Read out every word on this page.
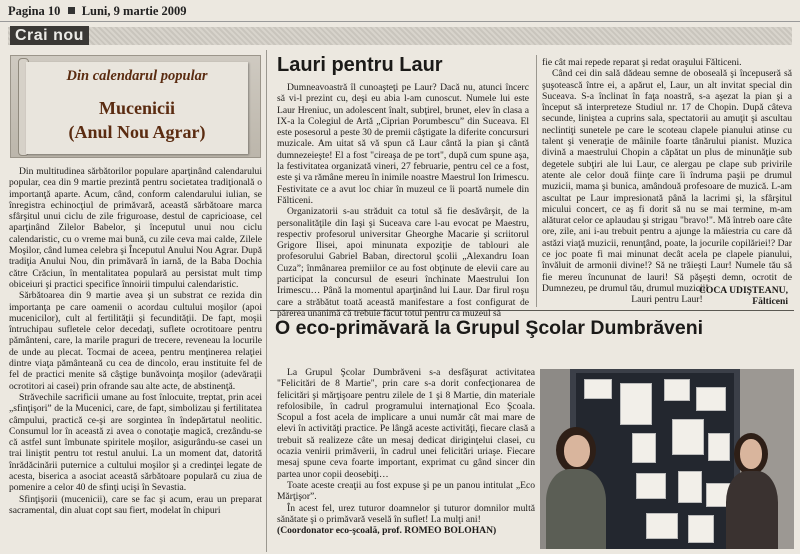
Pagina 10 Luni, 9 martie 2009
Crai nou
Din calendarul popular
Mucenicii
(Anul Nou Agrar)

Din multitudinea sărbătorilor populare aparţinând calendarului popular, cea din 9 martie prezintă pentru societatea tradiţională o importanţă aparte. Acum, când, conform calendarului iulian, se înregistra echinocţiul de primăvară, aceastǎ sărbătoare marca sfârşitul unui ciclu de zile friguroase, destul de capricioase, cel aparţinând Zilelor Babelor, şi începutul unui nou ciclu calendaristic, cu o vreme mai bună, cu zile ceva mai calde, Zilele Moşilor, când lumea celebra şi Începutul Anului Nou Agrar. După tradiţia Anului Nou, din primăvară în iarnă, de la Baba Dochia către Crăciun, în mentalitatea populară au persistat mult timp obiceiuri şi practici specifice înnoirii timpului calendaristic.

Sărbătoarea din 9 martie avea şi un substrat ce rezida din importanţa pe care oamenii o acordau cultului moşilor (apoi mucenicilor), cult al fertilităţii şi fecundităţii. De fapt, moşii întruchipau sufletele celor decedaţi, suflete ocrotitoare pentru pământeni, care, la marile praguri de trecere, reveneau la locurile de unde au plecat. Tocmai de aceea, pentru menţinerea relaţiei dintre viaţa pământeană cu cea de dincolo, erau instituite fel de fel de practici menite să câştige bunăvoinţa moşilor (adevăraţii ocrotitori ai casei) prin ofrande sau alte acte, de abstinenţă.

Străvechile sacrificii umane au fost înlocuite, treptat, prin acei „sfinţişori” de la Mucenici, care, de fapt, simbolizau şi fertilitatea câmpului, practică ce-şi are sorgintea în îndepărtatul neolitic. Consumul lor în această zi avea o conotaţie magică, crezându-se că astfel sunt îmbunate spiritele moşilor, asigurându-se casei un trai liniştit pentru tot restul anului. La un moment dat, datorită înrădăcinării puternice a cultului moşilor şi a credinţei legate de acesta, biserica a asociat această sărbătoare populară cu ziua de pomenire a celor 40 de sfinţi ucişi în Sevastia.

Sfinţişorii (mucenicii), care se fac şi acum, erau un preparat sacramental, din aluat copt sau fiert, modelat în chipuri

Lauri pentru Laur

Dumneavoastră îl cunoaşteţi pe Laur? Dacă nu, atunci încerc să vi-l prezint cu, deşi eu abia l-am cunoscut. Numele lui este Laur Hreniuc, un adolescent înalt, subţirel, brunet, elev în clasa a IX-a la Colegiul de Artă „Ciprian Porumbescu” din Suceava. El este posesorul a peste 30 de premii câştigate la diferite concursuri muzicale. Am uitat să vă spun că Laur cântă la pian şi cântă dumnezeieşte! El a fost "cireaşa de pe tort", după cum spune aşa, la festivitatea organizată vineri, 27 februarie, pentru cel ce a fost, este şi va rămâne mereu în inimile noastre Maestrul Ion Irimescu. Festivitate ce a avut loc chiar în muzeul ce îi poartă numele din Fălticeni.

Organizatorii s-au străduit ca totul să fie desăvârşit, de la personalităţile din Iaşi şi Suceava care l-au evocat pe Maestru, respectiv profesorul universitar Gheorghe Macarie şi scriitorul Grigore Ilisei, apoi minunata expoziţie de tablouri ale profesorului Gabriel Baban, directorul şcolii „Alexandru Ioan Cuza”; înmânarea premiilor ce au fost obţinute de elevii care au participat la concursul de eseuri închinate Maestrului Ion Irimescu… Până la momentul aparţinând lui Laur. Dar firul roşu care a străbătut toată această manifestare a fost configurat de părerea unanimă că trebuie făcut totul pentru ca muzeul să

fie cât mai repede reparat şi redat oraşului Fălticeni.

Când cei din sală dădeau semne de oboseală şi începuseră să şuşotească între ei, a apărut el, Laur, un alt invitat special din Suceava. S-a înclinat în faţa noastră, s-a aşezat la pian şi a început să interpreteze Studiul nr. 17 de Chopin. După câteva secunde, liniştea a cuprins sala, spectatorii au amuţit şi ascultau neclintiţi sunetele pe care le scoteau clapele pianului atinse cu talent şi veneraţie de mâinile foarte tânărului pianist. Muzica divină a maestrului Chopin a căpătat un plus de minunăţie sub degetele subţiri ale lui Laur, ce alergau pe clape sub privirile atente ale celor două fiinţe care îi îndruma paşii pe drumul muzicii, mama şi bunica, amândouă profesoare de muzică. L-am ascultat pe Laur impresionată până la lacrimi şi, la sfârşitul micului concert, ce aş fi dorit să nu se mai termine, m-am alăturat celor ce aplaudau şi strigau "bravo!". Mă întreb oare câte ore, zile, ani i-au trebuit pentru a ajunge la măiestria cu care dă astăzi viaţă muzicii, renunţând, poate, la jocurile copilăriei!? Dar ce joc poate fi mai minunat decât acela pe clapele pianului, învăluit de armonii divine!? Să ne trăieşti Laur! Numele tău să fie mereu încununat de lauri! Să păşeşti demn, ocrotit de Dumnezeu, pe drumul tău, drumul muzicii!

Lauri pentru Laur!

COCA UDIŞTEANU,
Fălticeni
O eco-primăvară la Grupul Şcolar Dumbrăveni

La Grupul Şcolar Dumbrăveni s-a desfăşurat activitatea "Felicitări de 8 Martie", prin care s-a dorit confecţionarea de felicitări şi mărţişoare pentru zilele de 1 şi 8 Martie, din materiale refolosibile, în cadrul programului internaţional Eco Şcoala. Scopul a fost acela de implicare a unui număr cât mai mare de elevi în activităţi practice. Pe lângă aceste activităţi, fiecare clasă a trebuit să realizeze câte un mesaj dedicat diriginţelui clasei, cu ocazia venirii primăverii, în cadrul unei felicitări uriaşe. Fiecare mesaj spune ceva foarte important, exprimat cu gând sincer din partea unor copii deosebiţi…

Toate aceste creaţii au fost expuse şi pe un panou intitulat „Eco Mărţişor”.

În acest fel, urez tuturor doamnelor şi tuturor domnilor multă sănătate şi o primăvară veselă în suflet! La mulţi ani!

(Coordonator eco-şcoală, prof. ROMEO BOLOHAN)
